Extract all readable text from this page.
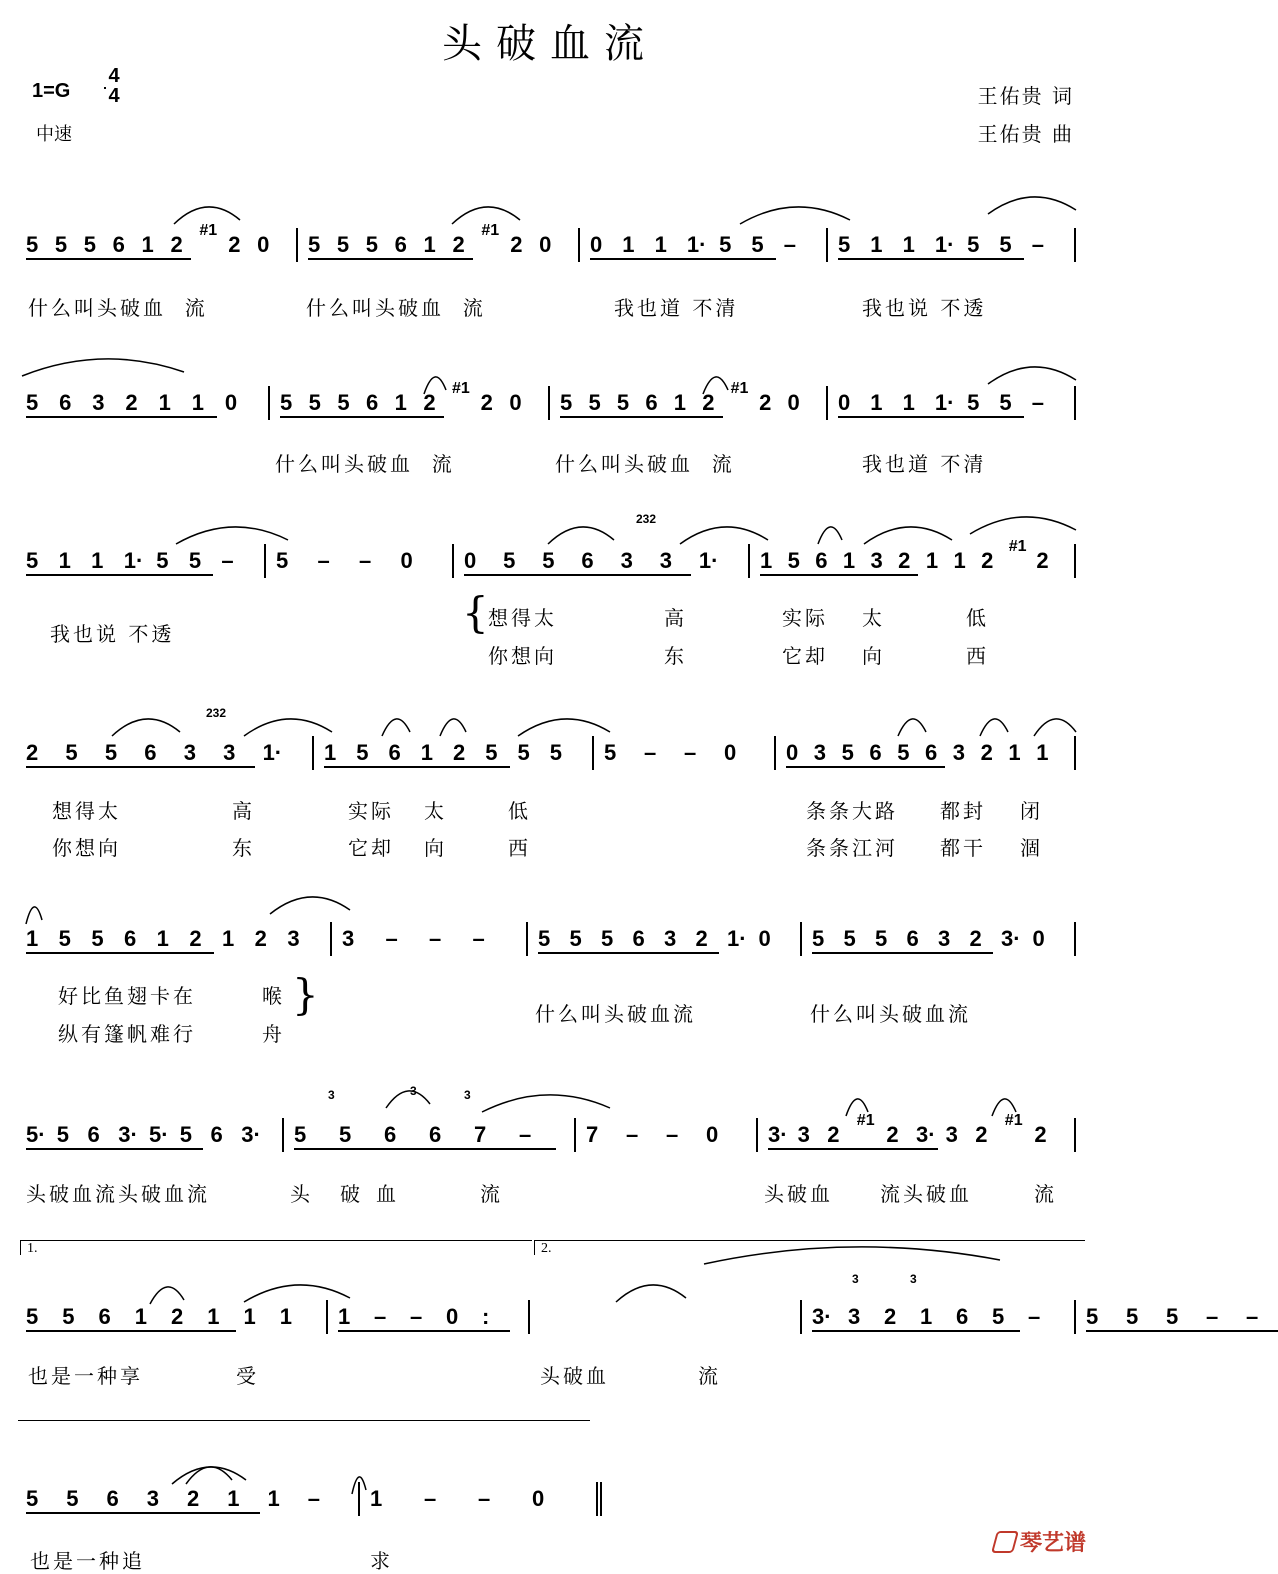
头破血流
1=G
4
4
中速
王佑贵 词
王佑贵 曲
5 5 5 6 1 2
#1
2 0 5 5 5 6 1 2
#1
2 0 0 1 1 1· 5 5 – 5 1 1 1· 5 5 –
什么叫头破血  流	什么叫头破血  流	我也道 不清	我也说 不透
5 6 3 2 1 1 0 5 5 5 6 1 2
#1
2 0 5 5 5 6 1 2
#1
2 0 0 1 1 1· 5 5 –
什么叫头破血  流	什么叫头破血  流	我也道 不清
5 1 1 1· 5 5 – 5 – – 0 0 5 5 6 3 3 1· 1 5 6 1 3 2 1 1 2
#1
2
我也说 不透
想得太	高	实际 太	低
你想向	东	它却 向	西
232
{
2 5 5 6 3 3 1· 1 5 6 1 2 5 5 5 5 – – 0 0 3 5 6 5 6 3 2 1 1
想得太	高	实际 太	低	条条大路 都封 闭
你想向	东	它却 向	西	条条江河 都干 涸
232
1 5 5 6 1 2 1 2 3 3 – – – 5 5 5 6 3 2 1· 0 5 5 5 6 3 2 3· 0
什么叫头破血流	什么叫头破血流
好比鱼翅卡在	喉
纵有篷帆难行	舟
}
5· 5 6 3· 5· 5 6 3· 5 5 6 6 7 – 7 – – 0 3· 3 2
#1
2 3· 3 2
#1
2
头破血流头破血流	头 破 血	流	头破血 流头破血	流
3	3	3
5 5 6 1 2 1 1 1 1 – – 0 :	3· 3 2 1 6 5 – 5 5 5 – –
也是一种享	受	头破血	流
3	3
1.	2.
5 5 6 3 2 1 1 – 1 – – 0
也是一种追	求
琴艺谱
